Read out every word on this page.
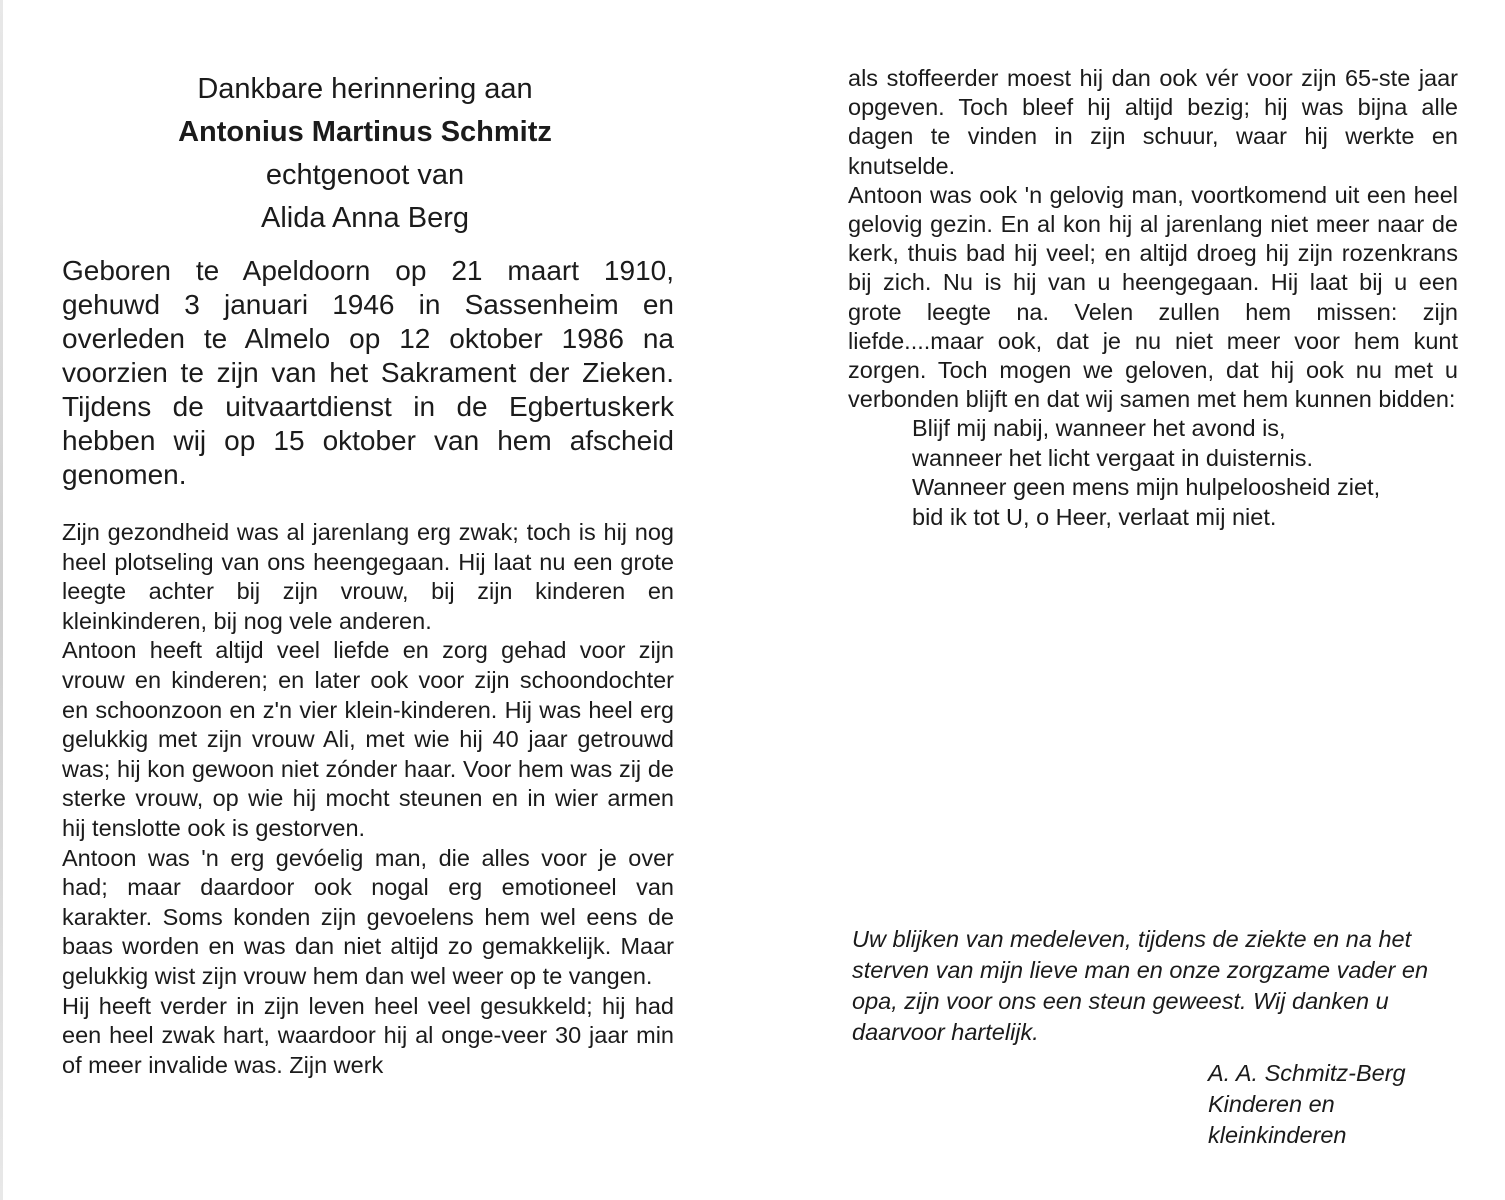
Dankbare herinnering aan
Antonius Martinus Schmitz
echtgenoot van
Alida Anna Berg
Geboren te Apeldoorn op 21 maart 1910, gehuwd 3 januari 1946 in Sassenheim en overleden te Almelo op 12 oktober 1986 na voorzien te zijn van het Sakrament der Zieken. Tijdens de uitvaartdienst in de Egbertuskerk hebben wij op 15 oktober van hem afscheid genomen.

Zijn gezondheid was al jarenlang erg zwak; toch is hij nog heel plotseling van ons heengegaan. Hij laat nu een grote leegte achter bij zijn vrouw, bij zijn kinderen en kleinkinderen, bij nog vele anderen.

Antoon heeft altijd veel liefde en zorg gehad voor zijn vrouw en kinderen; en later ook voor zijn schoondochter en schoonzoon en z'n vier klein-kinderen. Hij was heel erg gelukkig met zijn vrouw Ali, met wie hij 40 jaar getrouwd was; hij kon gewoon niet zónder haar. Voor hem was zij de sterke vrouw, op wie hij mocht steunen en in wier armen hij tenslotte ook is gestorven.

Antoon was 'n erg gevóelig man, die alles voor je over had; maar daardoor ook nogal erg emotioneel van karakter. Soms konden zijn gevoelens hem wel eens de baas worden en was dan niet altijd zo gemakkelijk. Maar gelukkig wist zijn vrouw hem dan wel weer op te vangen.

Hij heeft verder in zijn leven heel veel gesukkeld; hij had een heel zwak hart, waardoor hij al onge-veer 30 jaar min of meer invalide was. Zijn werk

als stoffeerder moest hij dan ook vér voor zijn 65-ste jaar opgeven. Toch bleef hij altijd bezig; hij was bijna alle dagen te vinden in zijn schuur, waar hij werkte en knutselde.

Antoon was ook 'n gelovig man, voortkomend uit een heel gelovig gezin. En al kon hij al jarenlang niet meer naar de kerk, thuis bad hij veel; en altijd droeg hij zijn rozenkrans bij zich. Nu is hij van u heengegaan. Hij laat bij u een grote leegte na. Velen zullen hem missen: zijn liefde....maar ook, dat je nu niet meer voor hem kunt zorgen. Toch mogen we geloven, dat hij ook nu met u verbonden blijft en dat wij samen met hem kunnen bidden:

Blijf mij nabij, wanneer het avond is,
wanneer het licht vergaat in duisternis.
Wanneer geen mens mijn hulpeloosheid ziet,
bid ik tot U, o Heer, verlaat mij niet.
Uw blijken van medeleven, tijdens de ziekte en na het sterven van mijn lieve man en onze zorgzame vader en opa, zijn voor ons een steun geweest. Wij danken u daarvoor hartelijk.
A. A. Schmitz-Berg
Kinderen en
kleinkinderen
